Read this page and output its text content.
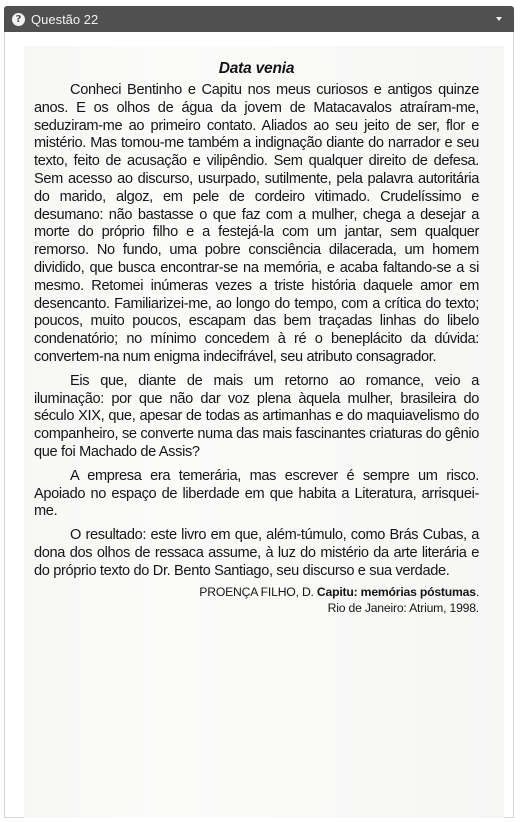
? Questão 22
Data venia

Conheci Bentinho e Capitu nos meus curiosos e antigos quinze anos. E os olhos de água da jovem de Matacavalos atraíram-me, seduziram-me ao primeiro contato. Aliados ao seu jeito de ser, flor e mistério. Mas tomou-me também a indignação diante do narrador e seu texto, feito de acusação e vilipêndio. Sem qualquer direito de defesa. Sem acesso ao discurso, usurpado, sutilmente, pela palavra autoritária do marido, algoz, em pele de cordeiro vitimado. Crudelíssimo e desumano: não bastasse o que faz com a mulher, chega a desejar a morte do próprio filho e a festejá-la com um jantar, sem qualquer remorso. No fundo, uma pobre consciência dilacerada, um homem dividido, que busca encontrar-se na memória, e acaba faltando-se a si mesmo. Retomei inúmeras vezes a triste história daquele amor em desencanto. Familiarizei-me, ao longo do tempo, com a crítica do texto; poucos, muito poucos, escapam das bem traçadas linhas do libelo condenatório; no mínimo concedem à ré o beneplácito da dúvida: convertem-na num enigma indecifrável, seu atributo consagrador.

Eis que, diante de mais um retorno ao romance, veio a iluminação: por que não dar voz plena àquela mulher, brasileira do século XIX, que, apesar de todas as artimanhas e do maquiavelismo do companheiro, se converte numa das mais fascinantes criaturas do gênio que foi Machado de Assis?

A empresa era temerária, mas escrever é sempre um risco. Apoiado no espaço de liberdade em que habita a Literatura, arrisquei-me.

O resultado: este livro em que, além-túmulo, como Brás Cubas, a dona dos olhos de ressaca assume, à luz do mistério da arte literária e do próprio texto do Dr. Bento Santiago, seu discurso e sua verdade.

PROENÇA FILHO, D. Capitu: memórias póstumas.
Rio de Janeiro: Atrium, 1998.
